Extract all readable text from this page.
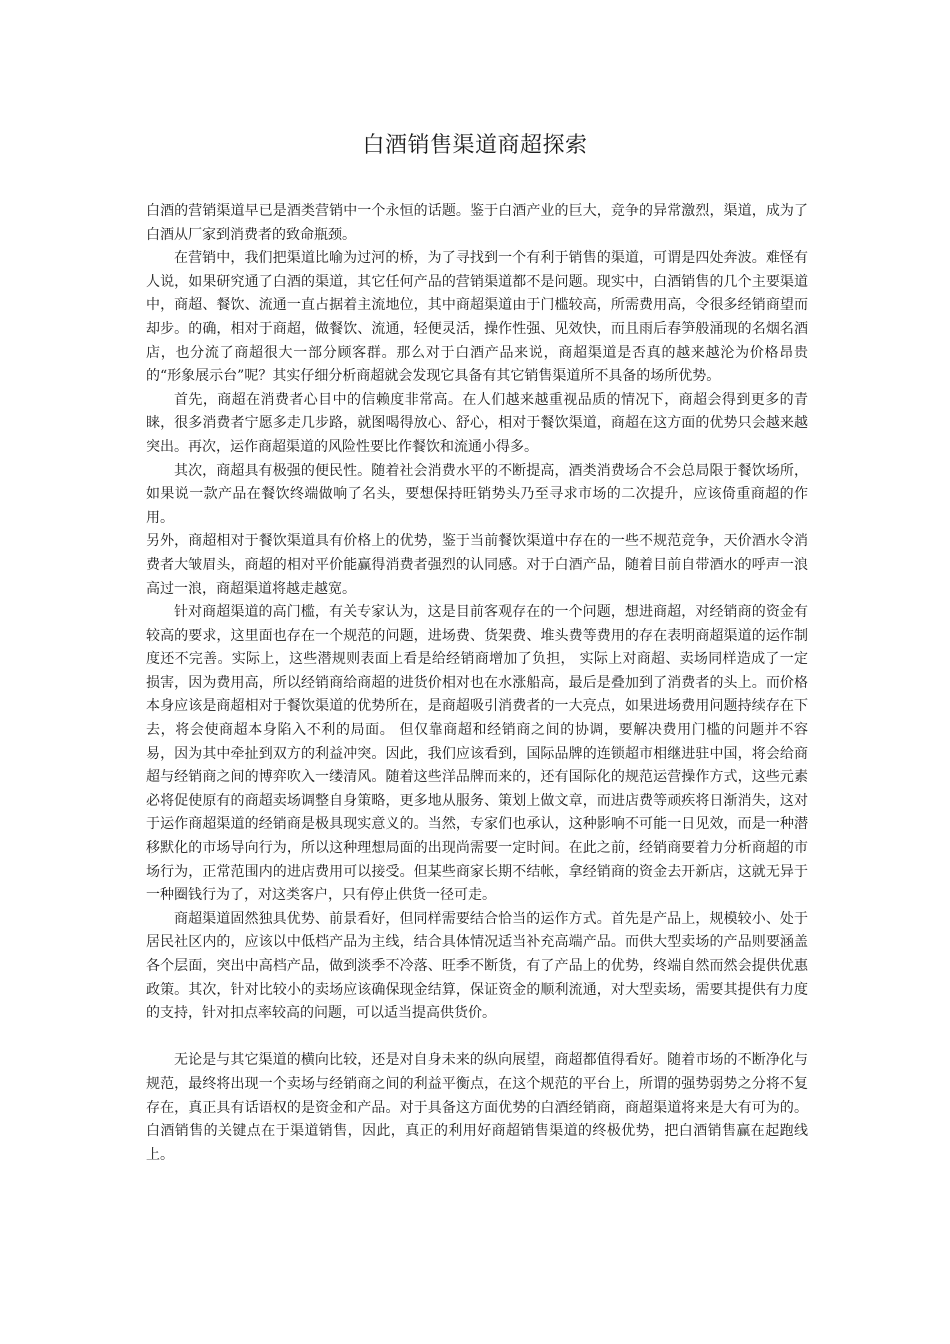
白酒销售渠道商超探索

白酒的营销渠道早已是酒类营销中一个永恒的话题。鉴于白酒产业的巨大，竞争的异常激烈，渠道，成为了白酒从厂家到消费者的致命瓶颈。

在营销中，我们把渠道比喻为过河的桥，为了寻找到一个有利于销售的渠道，可谓是四处奔波。难怪有人说，如果研究通了白酒的渠道，其它任何产品的营销渠道都不是问题。现实中，白酒销售的几个主要渠道中，商超、餐饮、流通一直占据着主流地位，其中商超渠道由于门槛较高，所需费用高，令很多经销商望而却步。的确，相对于商超，做餐饮、流通，轻便灵活，操作性强、见效快，而且雨后春笋般涌现的名烟名酒店，也分流了商超很大一部分顾客群。那么对于白酒产品来说，商超渠道是否真的越来越沦为价格昂贵的“形象展示台”呢？其实仔细分析商超就会发现它具备有其它销售渠道所不具备的场所优势。

首先，商超在消费者心目中的信赖度非常高。在人们越来越重视品质的情况下，商超会得到更多的青睐，很多消费者宁愿多走几步路，就图喝得放心、舒心，相对于餐饮渠道，商超在这方面的优势只会越来越突出。再次，运作商超渠道的风险性要比作餐饮和流通小得多。

其次，商超具有极强的便民性。随着社会消费水平的不断提高，酒类消费场合不会总局限于餐饮场所，如果说一款产品在餐饮终端做响了名头，要想保持旺销势头乃至寻求市场的二次提升，应该倚重商超的作用。

另外，商超相对于餐饮渠道具有价格上的优势，鉴于当前餐饮渠道中存在的一些不规范竞争，天价酒水令消费者大皱眉头，商超的相对平价能赢得消费者强烈的认同感。对于白酒产品，随着目前自带酒水的呼声一浪高过一浪，商超渠道将越走越宽。

针对商超渠道的高门槛，有关专家认为，这是目前客观存在的一个问题，想进商超，对经销商的资金有较高的要求，这里面也存在一个规范的问题，进场费、货架费、堆头费等费用的存在表明商超渠道的运作制度还不完善。实际上，这些潜规则表面上看是给经销商增加了负担， 实际上对商超、卖场同样造成了一定损害，因为费用高，所以经销商给商超的进货价相对也在水涨船高，最后是叠加到了消费者的头上。而价格本身应该是商超相对于餐饮渠道的优势所在，是商超吸引消费者的一大亮点，如果进场费用问题持续存在下去，将会使商超本身陷入不利的局面。 但仅靠商超和经销商之间的协调，要解决费用门槛的问题并不容易，因为其中牵扯到双方的利益冲突。因此，我们应该看到，国际品牌的连锁超市相继进驻中国，将会给商超与经销商之间的博弈吹入一缕清风。随着这些洋品牌而来的，还有国际化的规范运营操作方式，这些元素必将促使原有的商超卖场调整自身策略，更多地从服务、策划上做文章，而进店费等顽疾将日渐消失，这对于运作商超渠道的经销商是极具现实意义的。当然，专家们也承认，这种影响不可能一日见效，而是一种潜移默化的市场导向行为，所以这种理想局面的出现尚需要一定时间。在此之前，经销商要着力分析商超的市场行为，正常范围内的进店费用可以接受。但某些商家长期不结帐，拿经销商的资金去开新店，这就无异于一种圈钱行为了，对这类客户，只有停止供货一径可走。

商超渠道固然独具优势、前景看好，但同样需要结合恰当的运作方式。首先是产品上，规模较小、处于居民社区内的，应该以中低档产品为主线，结合具体情况适当补充高端产品。而供大型卖场的产品则要涵盖各个层面，突出中高档产品，做到淡季不冷落、旺季不断货，有了产品上的优势，终端自然而然会提供优惠政策。其次，针对比较小的卖场应该确保现金结算，保证资金的顺利流通，对大型卖场，需要其提供有力度的支持，针对扣点率较高的问题，可以适当提高供货价。

无论是与其它渠道的横向比较，还是对自身未来的纵向展望，商超都值得看好。随着市场的不断净化与规范，最终将出现一个卖场与经销商之间的利益平衡点，在这个规范的平台上，所谓的强势弱势之分将不复存在，真正具有话语权的是资金和产品。对于具备这方面优势的白酒经销商，商超渠道将来是大有可为的。 白酒销售的关键点在于渠道销售，因此，真正的利用好商超销售渠道的终极优势，把白酒销售赢在起跑线上。
